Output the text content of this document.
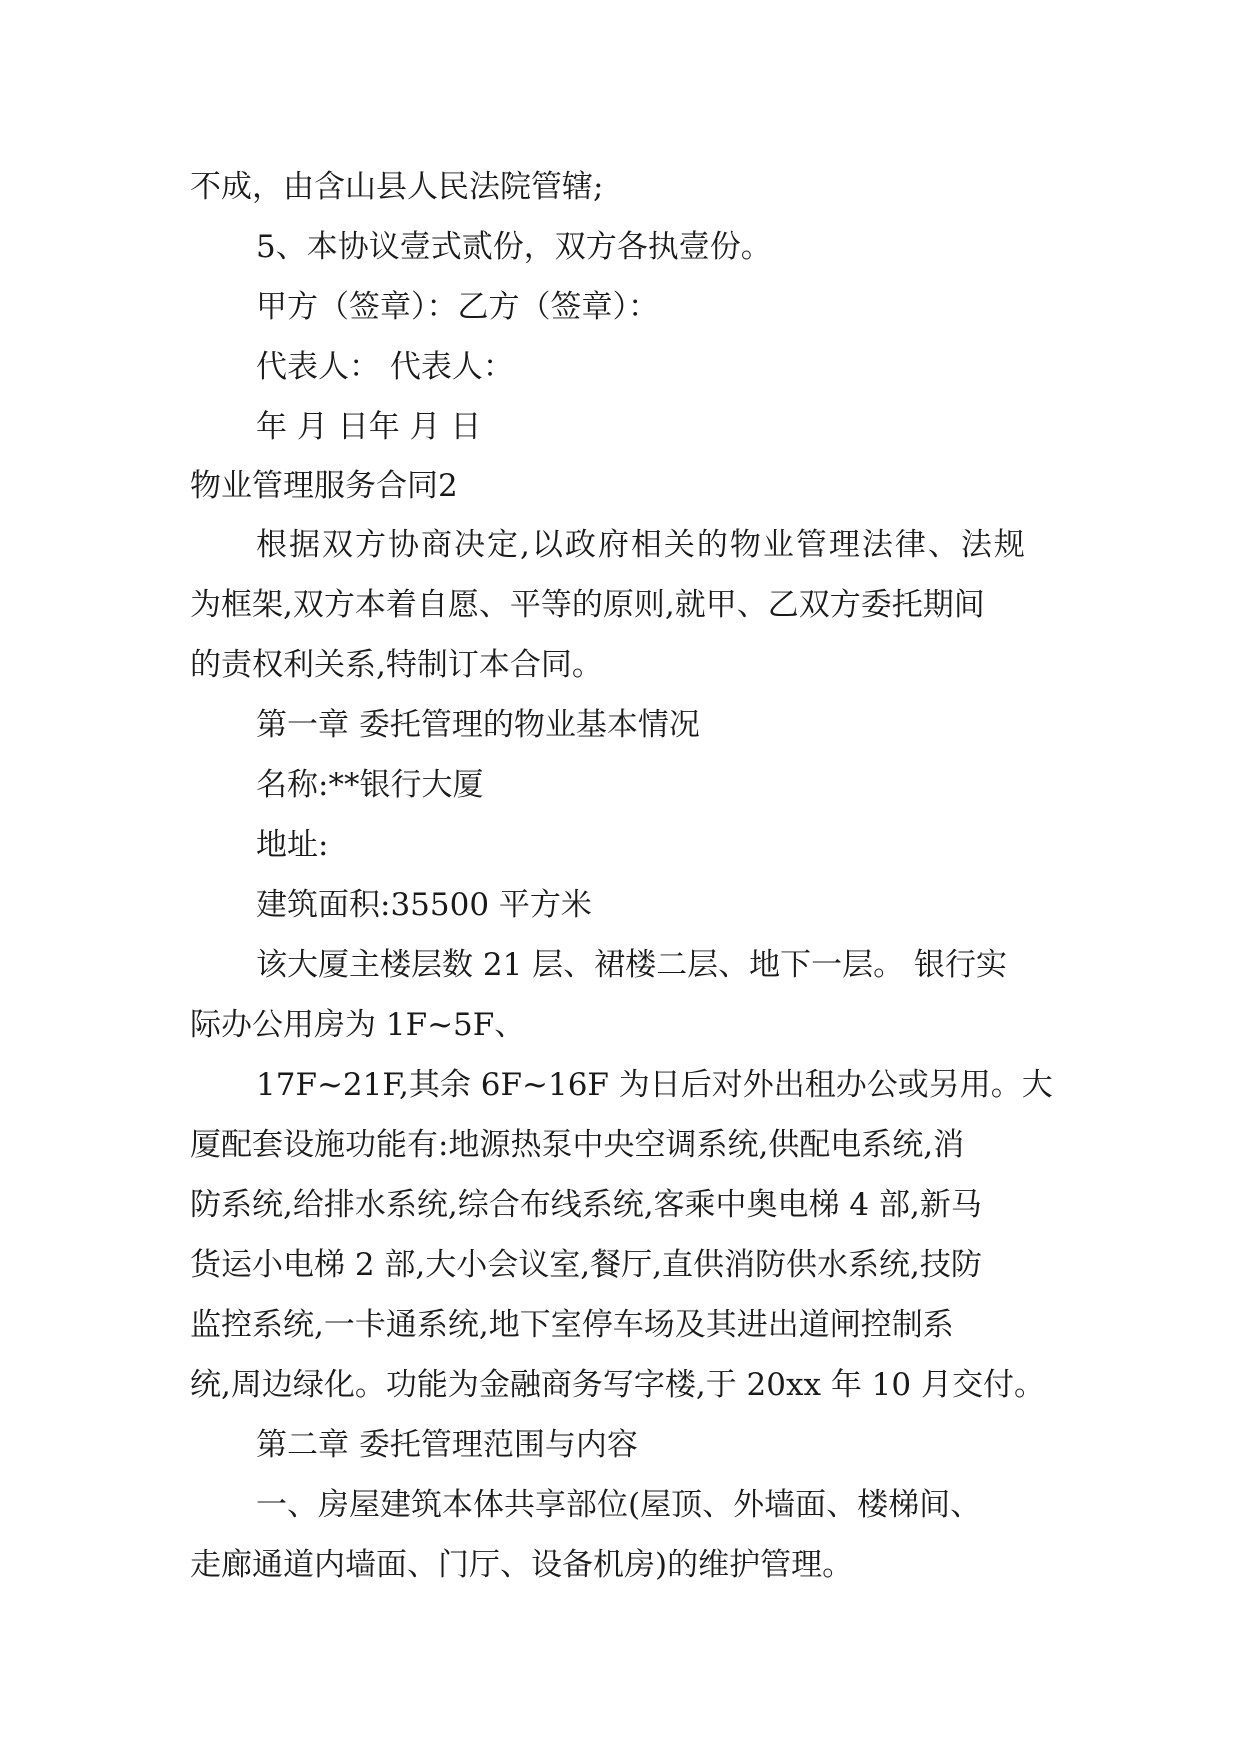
不成，由含山县人民法院管辖;
5、本协议壹式贰份，双方各执壹份。
甲方（签章）：乙方（签章）：
代表人： 代表人：
年 月 日年 月 日
物业管理服务合同2
根据双方协商决定,以政府相关的物业管理法律、法规
为框架,双方本着自愿、平等的原则,就甲、乙双方委托期间
的责权利关系,特制订本合同。
第一章 委托管理的物业基本情况
名称:**银行大厦
地址:
建筑面积:35500 平方米
该大厦主楼层数 21 层、裙楼二层、地下一层。 银行实
际办公用房为 1F~5F、
17F~21F,其余 6F~16F 为日后对外出租办公或另用。大
厦配套设施功能有:地源热泵中央空调系统,供配电系统,消
防系统,给排水系统,综合布线系统,客乘中奥电梯 4 部,新马
货运小电梯 2 部,大小会议室,餐厅,直供消防供水系统,技防
监控系统,一卡通系统,地下室停车场及其进出道闸控制系
统,周边绿化。功能为金融商务写字楼,于 20xx 年 10 月交付。
第二章 委托管理范围与内容
一、房屋建筑本体共享部位(屋顶、外墙面、楼梯间、
走廊通道内墙面、门厅、设备机房)的维护管理。
